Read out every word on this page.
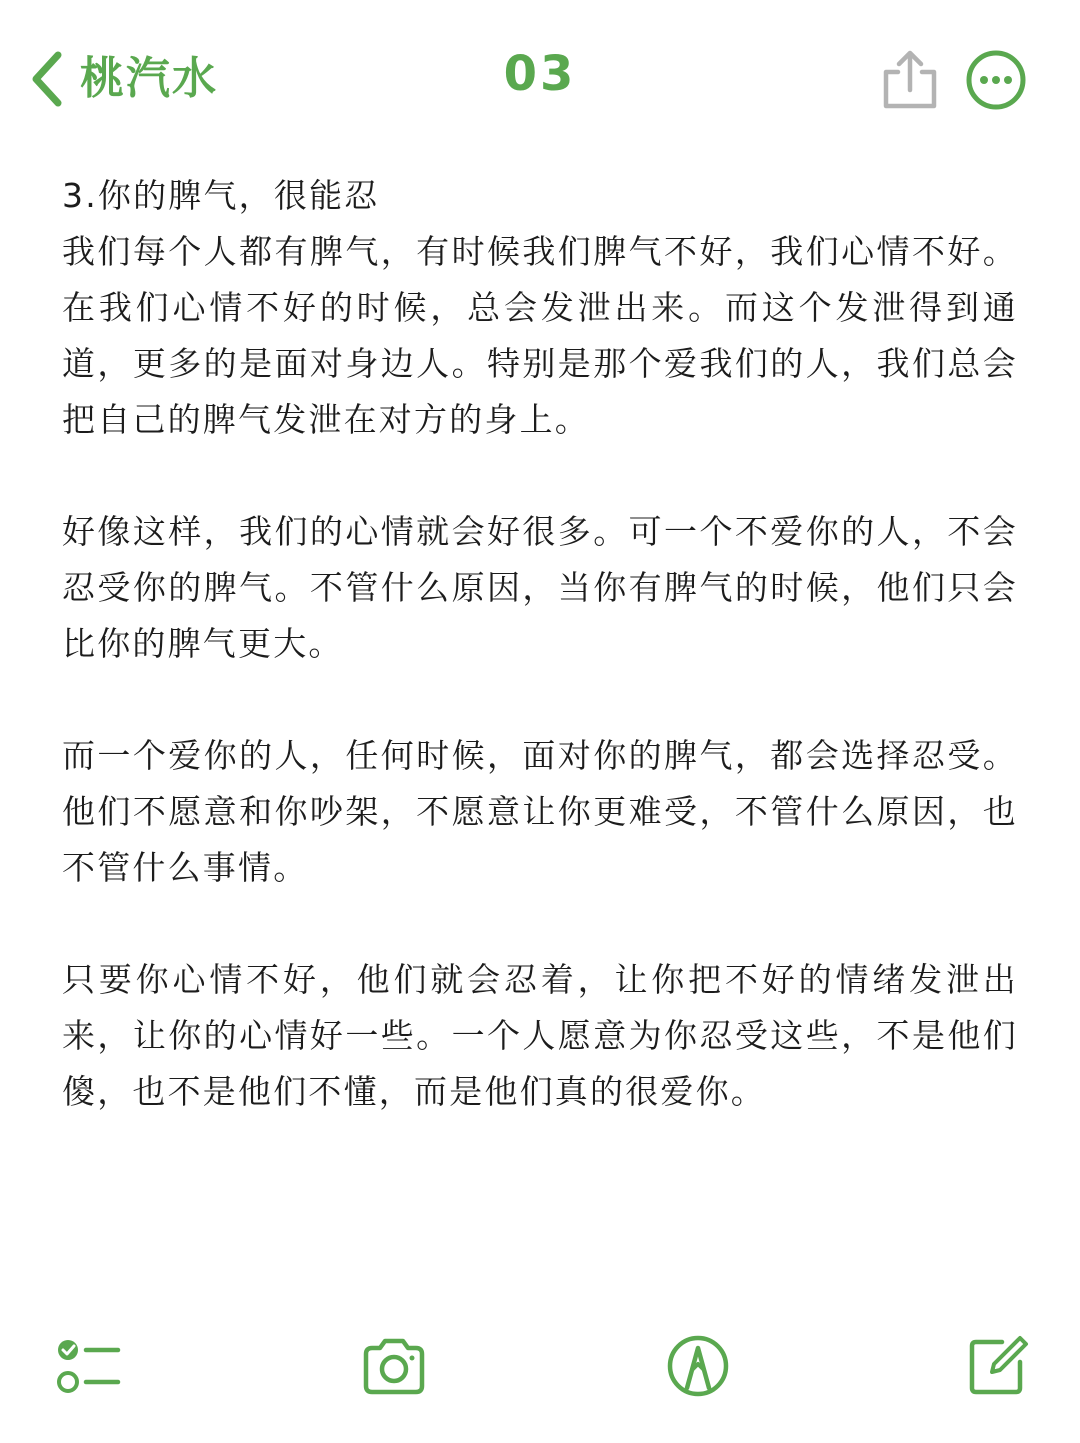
桃汽水	03

3.你的脾气，很能忍

我们每个人都有脾气，有时候我们脾气不好，我们心情不好。在我们心情不好的时候，总会发泄出来。而这个发泄得到通道，更多的是面对身边人。特别是那个爱我们的人，我们总会把自己的脾气发泄在对方的身上。

好像这样，我们的心情就会好很多。可一个不爱你的人，不会忍受你的脾气。不管什么原因，当你有脾气的时候，他们只会比你的脾气更大。

而一个爱你的人，任何时候，面对你的脾气，都会选择忍受。他们不愿意和你吵架，不愿意让你更难受，不管什么原因，也不管什么事情。

只要你心情不好，他们就会忍着，让你把不好的情绪发泄出来，让你的心情好一些。一个人愿意为你忍受这些，不是他们傻，也不是他们不懂，而是他们真的很爱你。
